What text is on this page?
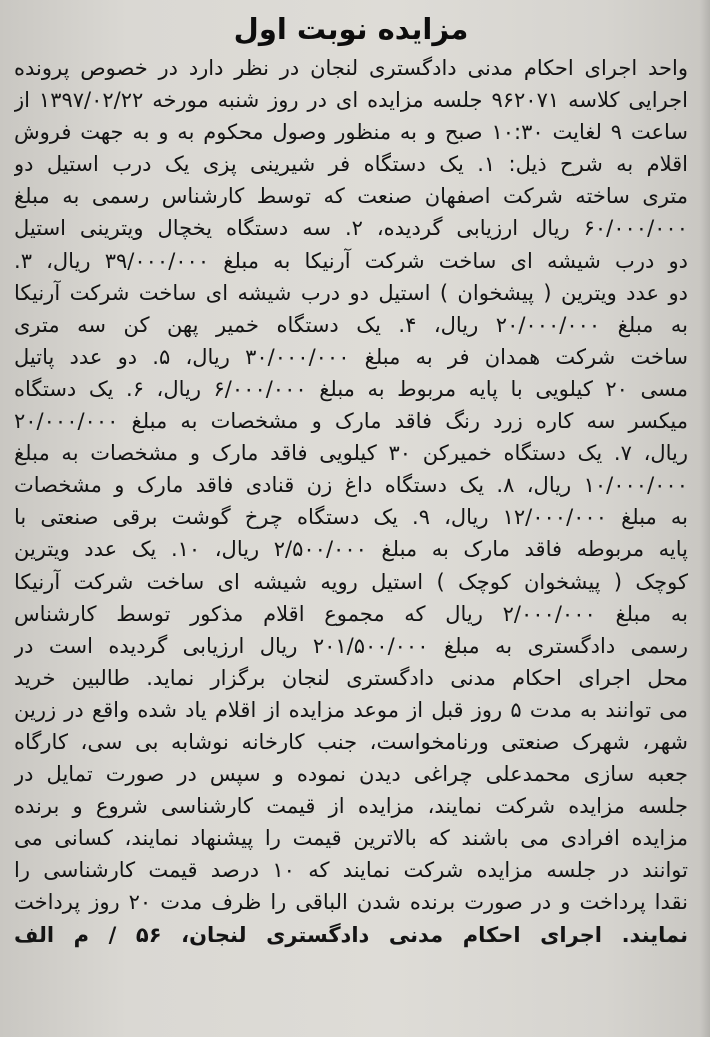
مزایده نوبت اول
واحد اجرای احکام مدنی دادگستری لنجان در نظر دارد در خصوص پرونده
اجرایی کلاسه ۹۶۲۰۷۱ جلسه مزایده ای در روز شنبه مورخه ۱۳۹۷/۰۲/۲۲ از
ساعت ۹ لغایت ۱۰:۳۰ صبح و به منظور وصول محکوم به و به جهت فروش
اقلام به شرح ذیل: ۱. یک دستگاه فر شیرینی پزی یک درب استیل دو
متری ساخته شرکت اصفهان صنعت که توسط کارشناس رسمی به مبلغ
۶۰/۰۰۰/۰۰۰ ریال ارزیابی گردیده، ۲. سه دستگاه یخچال ویترینی استیل
دو درب شیشه ای ساخت شرکت آرنیکا به مبلغ ۳۹/۰۰۰/۰۰۰ ریال، ۳.
دو عدد ویترین ( پیشخوان ) استیل دو درب شیشه ای ساخت شرکت آرنیکا
به مبلغ ۲۰/۰۰۰/۰۰۰ ریال، ۴. یک دستگاه خمیر پهن کن سه متری
ساخت شرکت همدان فر به مبلغ ۳۰/۰۰۰/۰۰۰ ریال، ۵. دو عدد پاتیل
مسی ۲۰ کیلویی با پایه مربوط به مبلغ ۶/۰۰۰/۰۰۰ ریال، ۶. یک دستگاه
میکسر سه کاره زرد رنگ فاقد مارک و مشخصات به مبلغ ۲۰/۰۰۰/۰۰۰
ریال، ۷. یک دستگاه خمیرکن ۳۰ کیلویی فاقد مارک و مشخصات به مبلغ
۱۰/۰۰۰/۰۰۰ ریال، ۸. یک دستگاه داغ زن قنادی فاقد مارک و مشخصات
به مبلغ ۱۲/۰۰۰/۰۰۰ ریال، ۹. یک دستگاه چرخ گوشت برقی صنعتی با
پایه مربوطه فاقد مارک به مبلغ ۲/۵۰۰/۰۰۰ ریال، ۱۰. یک عدد ویترین
کوچک ( پیشخوان کوچک ) استیل رویه شیشه ای ساخت شرکت آرنیکا
به مبلغ ۲/۰۰۰/۰۰۰ ریال که مجموع اقلام مذکور توسط کارشناس
رسمی دادگستری به مبلغ ۲۰۱/۵۰۰/۰۰۰ ریال ارزیابی گردیده است در
محل اجرای احکام مدنی دادگستری لنجان برگزار نماید. طالبین خرید
می توانند به مدت ۵ روز قبل از موعد مزایده از اقلام یاد شده واقع در زرین
شهر، شهرک صنعتی ورنامخواست، جنب کارخانه نوشابه بی سی، کارگاه
جعبه سازی محمدعلی چراغی دیدن نموده و سپس در صورت تمایل در
جلسه مزایده شرکت نمایند، مزایده از قیمت کارشناسی شروع و برنده
مزایده افرادی می باشند که بالاترین قیمت را پیشنهاد نمایند، کسانی می
توانند در جلسه مزایده شرکت نمایند که ۱۰ درصد قیمت کارشناسی را
نقدا پرداخت و در صورت برنده شدن الباقی را ظرف مدت ۲۰ روز پرداخت
نمایند. اجرای احکام مدنی دادگستری لنجان، ۵۶ / م الف
